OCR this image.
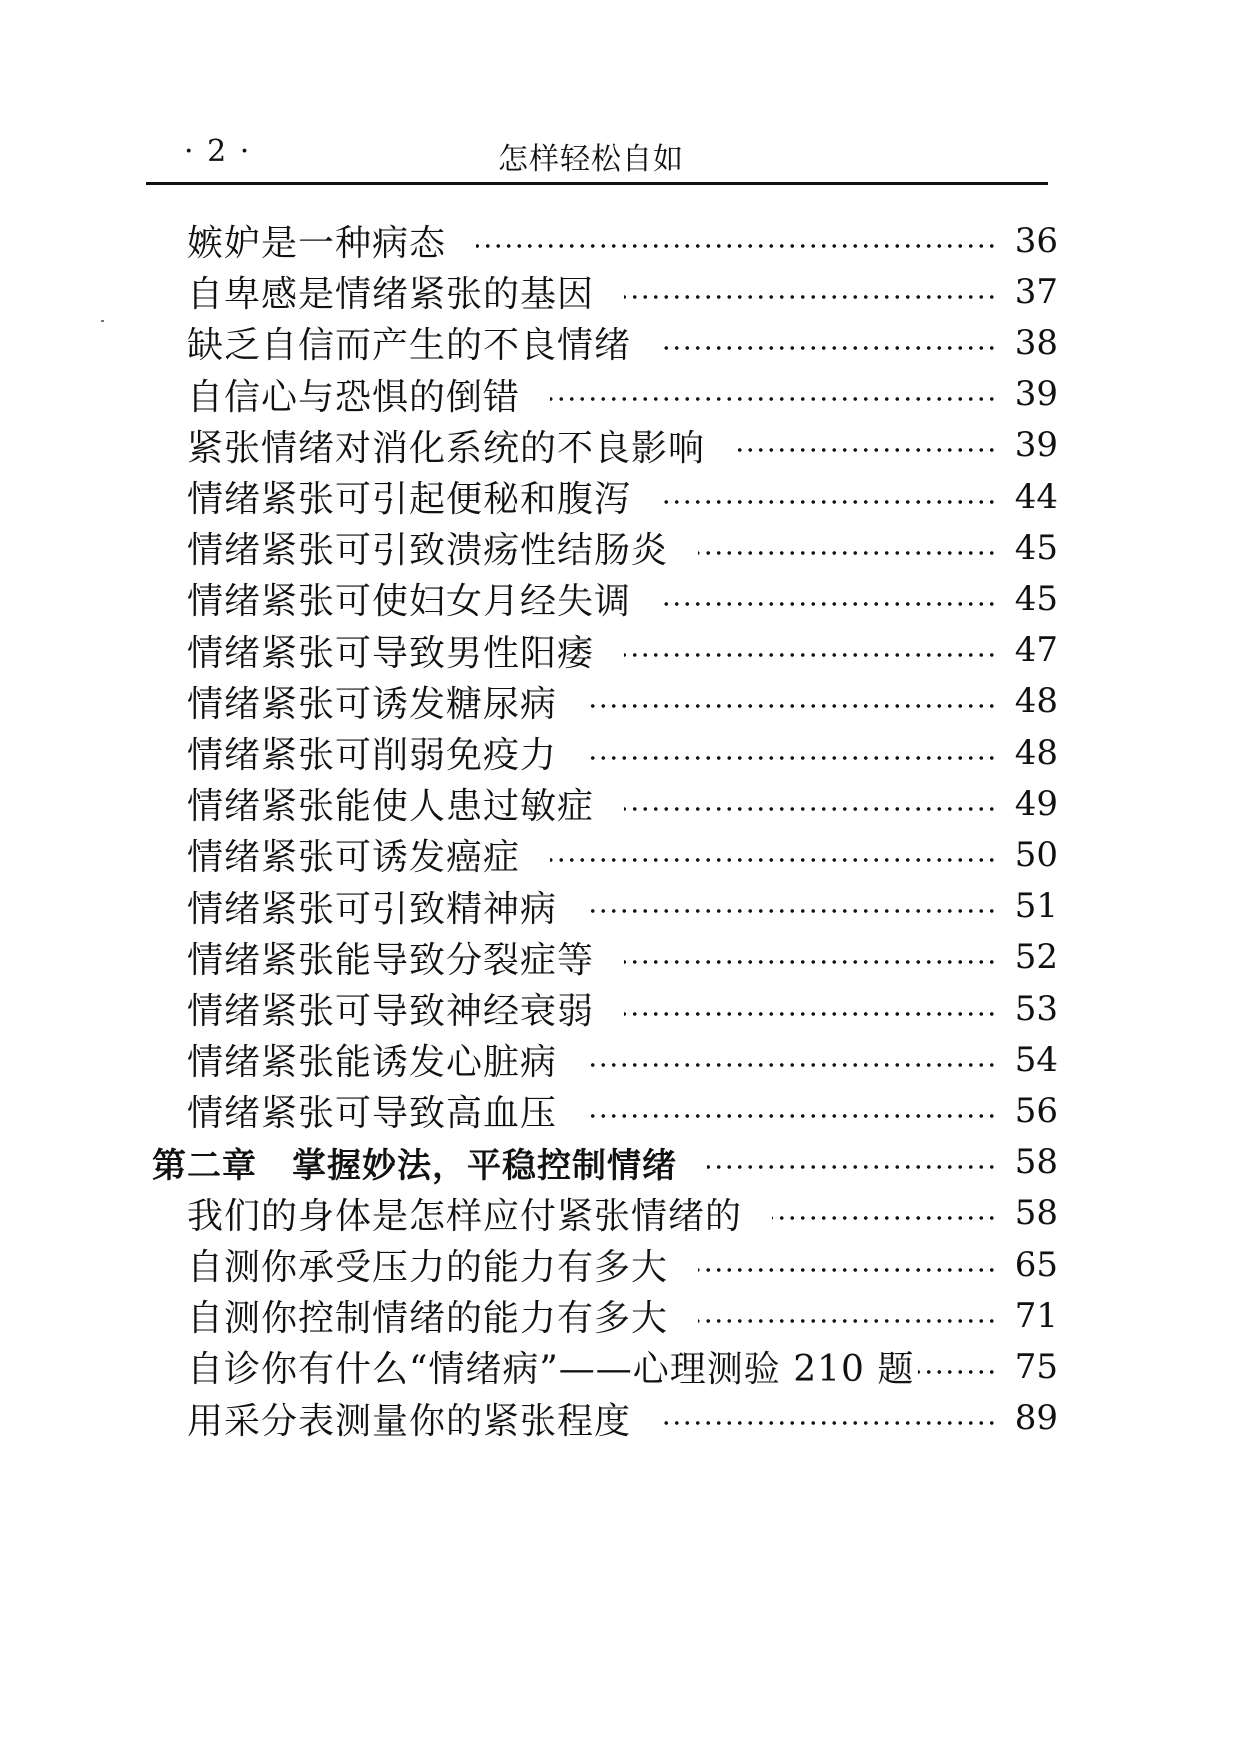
· 2 ·	怎样轻松自如
嫉妒是一种病态	36
自卑感是情绪紧张的基因	37
缺乏自信而产生的不良情绪	38
自信心与恐惧的倒错	39
紧张情绪对消化系统的不良影响	39
情绪紧张可引起便秘和腹泻	44
情绪紧张可引致溃疡性结肠炎	45
情绪紧张可使妇女月经失调	45
情绪紧张可导致男性阳痿	47
情绪紧张可诱发糖尿病	48
情绪紧张可削弱免疫力	48
情绪紧张能使人患过敏症	49
情绪紧张可诱发癌症	50
情绪紧张可引致精神病	51
情绪紧张能导致分裂症等	52
情绪紧张可导致神经衰弱	53
情绪紧张能诱发心脏病	54
情绪紧张可导致高血压	56
第二章　掌握妙法，平稳控制情绪	58
我们的身体是怎样应付紧张情绪的	58
自测你承受压力的能力有多大	65
自测你控制情绪的能力有多大	71
自诊你有什么“情绪病”——心理测验 210 题	75
用采分表测量你的紧张程度	89
